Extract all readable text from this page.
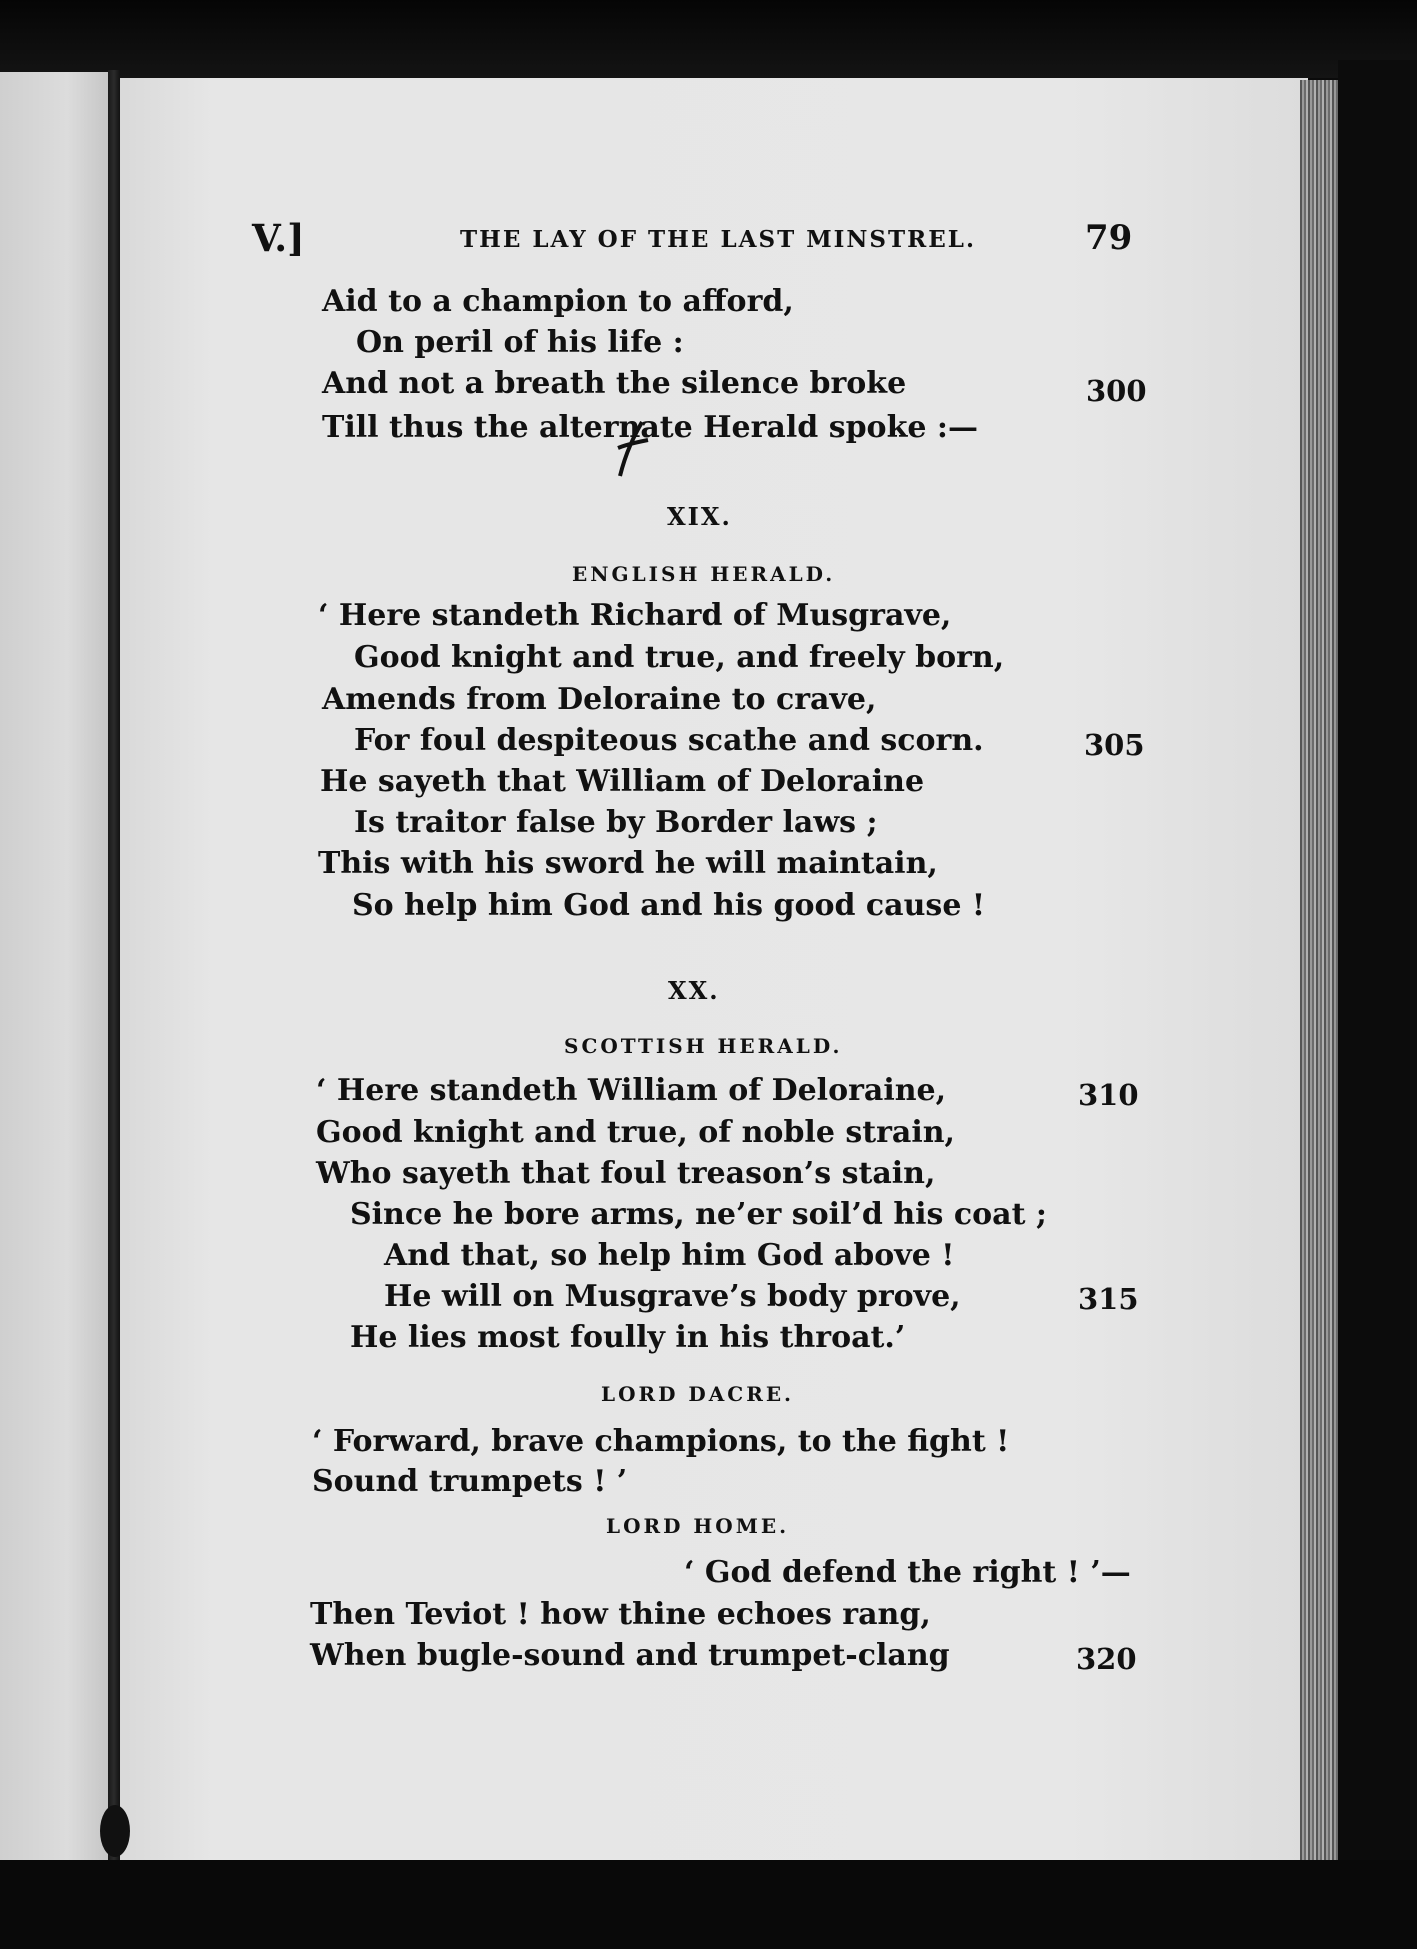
V.]	THE LAY OF THE LAST MINSTREL.	79
Aid to a champion to afford,
On peril of his life :
And not a breath the silence broke	300
Till thus the alternate Herald spoke :—
XIX.
ENGLISH HERALD.
‘ Here standeth Richard of Musgrave,
Good knight and true, and freely born,
Amends from Deloraine to crave,
For foul despiteous scathe and scorn.	305
He sayeth that William of Deloraine
Is traitor false by Border laws ;
This with his sword he will maintain,
So help him God and his good cause !
XX.
SCOTTISH HERALD.
‘ Here standeth William of Deloraine,	310
Good knight and true, of noble strain,
Who sayeth that foul treason’s stain,
Since he bore arms, ne’er soil’d his coat ;
And that, so help him God above !
He will on Musgrave’s body prove,	315
He lies most foully in his throat.’
LORD DACRE.
‘ Forward, brave champions, to the fight !
Sound trumpets ! ’
LORD HOME.
‘ God defend the right ! ’—
Then Teviot ! how thine echoes rang,
When bugle-sound and trumpet-clang	320
